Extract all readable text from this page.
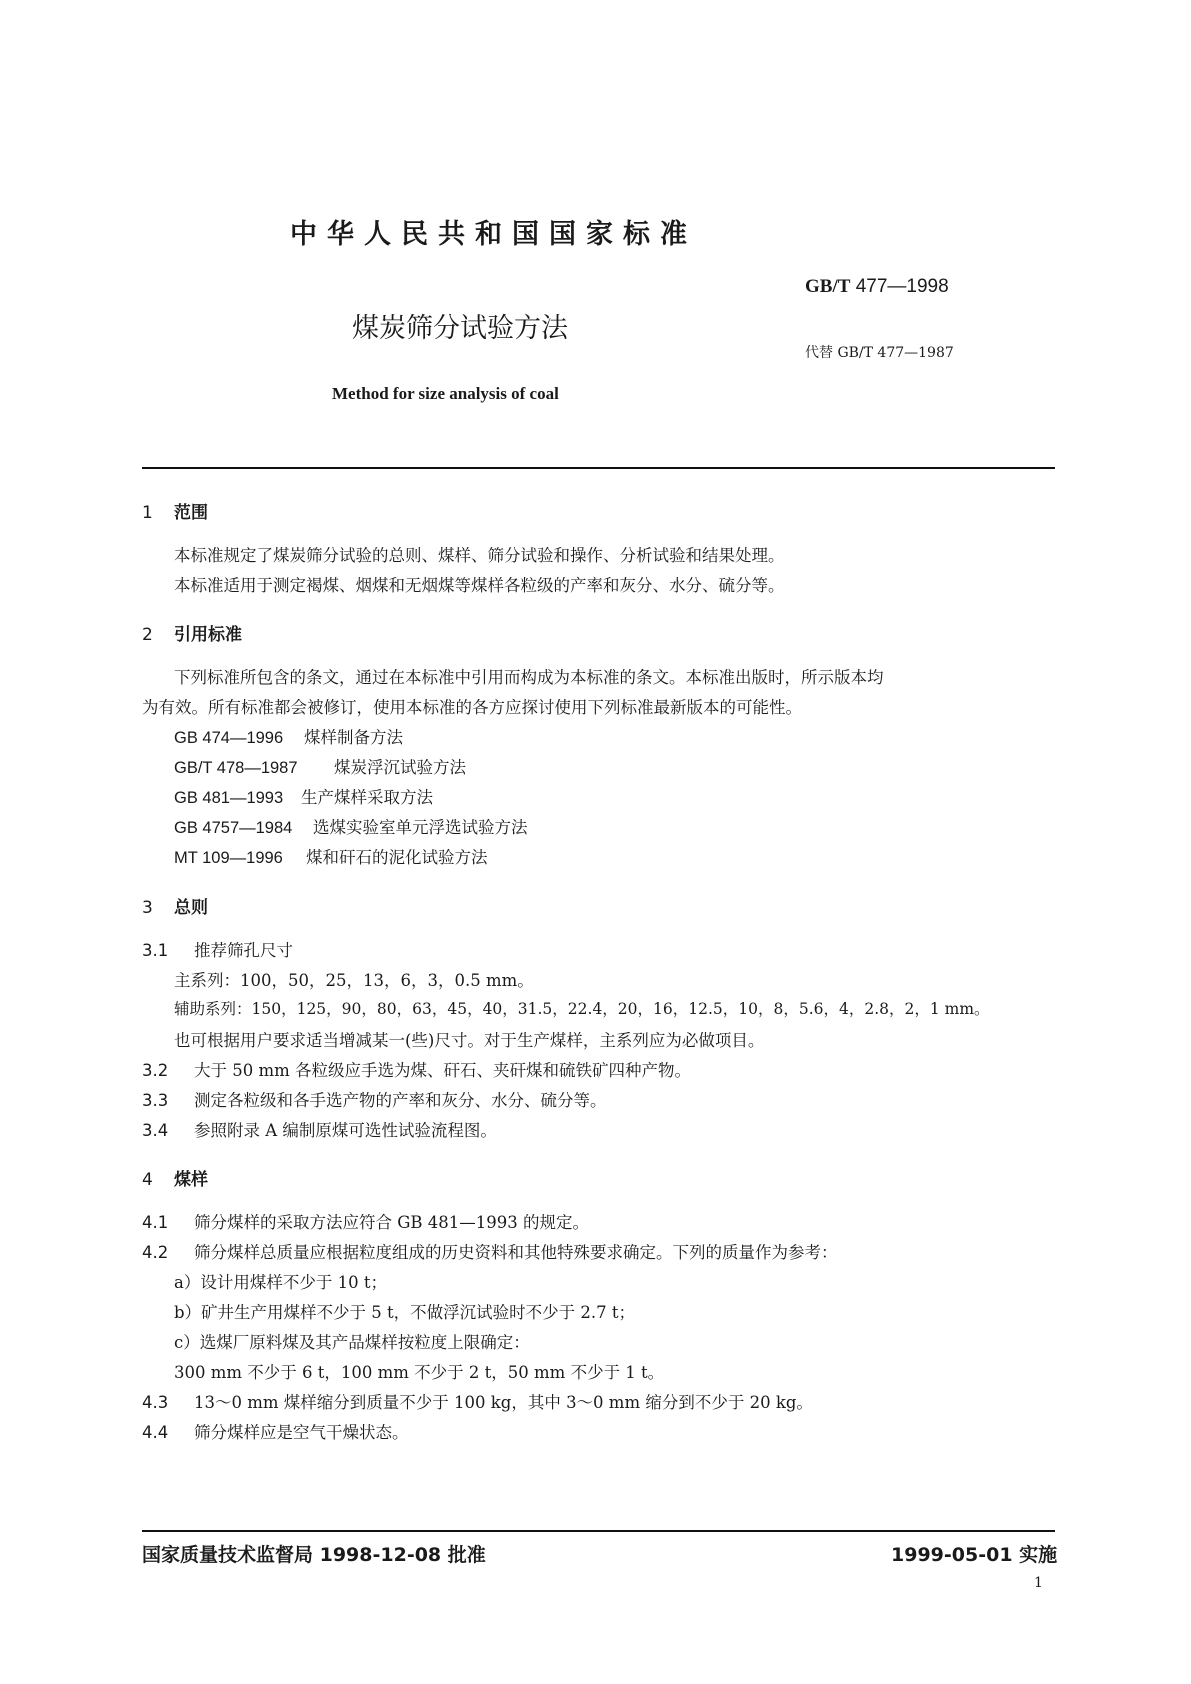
中华人民共和国国家标准
GB/T 477—1998
煤炭筛分试验方法
代替 GB/T 477—1987
Method for size analysis of coal
1 范围
本标准规定了煤炭筛分试验的总则、煤样、筛分试验和操作、分析试验和结果处理。
本标准适用于测定褐煤、烟煤和无烟煤等煤样各粒级的产率和灰分、水分、硫分等。
2 引用标准
下列标准所包含的条文，通过在本标准中引用而构成为本标准的条文。本标准出版时，所示版本均
为有效。所有标准都会被修订，使用本标准的各方应探讨使用下列标准最新版本的可能性。
GB 474—1996 煤样制备方法
GB/T 478—1987 煤炭浮沉试验方法
GB 481—1993 生产煤样采取方法
GB 4757—1984 选煤实验室单元浮选试验方法
MT 109—1996 煤和矸石的泥化试验方法
3 总则
3.1 推荐筛孔尺寸
主系列：100，50，25，13，6，3，0.5 mm。
辅助系列：150，125，90，80，63，45，40，31.5，22.4，20，16，12.5，10，8，5.6，4，2.8，2，1 mm。
也可根据用户要求适当增减某一(些)尺寸。对于生产煤样，主系列应为必做项目。
3.2 大于 50 mm 各粒级应手选为煤、矸石、夹矸煤和硫铁矿四种产物。
3.3 测定各粒级和各手选产物的产率和灰分、水分、硫分等。
3.4 参照附录 A 编制原煤可选性试验流程图。
4 煤样
4.1 筛分煤样的采取方法应符合 GB 481—1993 的规定。
4.2 筛分煤样总质量应根据粒度组成的历史资料和其他特殊要求确定。下列的质量作为参考：
a）设计用煤样不少于 10 t；
b）矿井生产用煤样不少于 5 t，不做浮沉试验时不少于 2.7 t；
c）选煤厂原料煤及其产品煤样按粒度上限确定：
300 mm 不少于 6 t，100 mm 不少于 2 t，50 mm 不少于 1 t。
4.3 13～0 mm 煤样缩分到质量不少于 100 kg，其中 3～0 mm 缩分到不少于 20 kg。
4.4 筛分煤样应是空气干燥状态。
国家质量技术监督局 1998-12-08 批准	1999-05-01 实施
1
